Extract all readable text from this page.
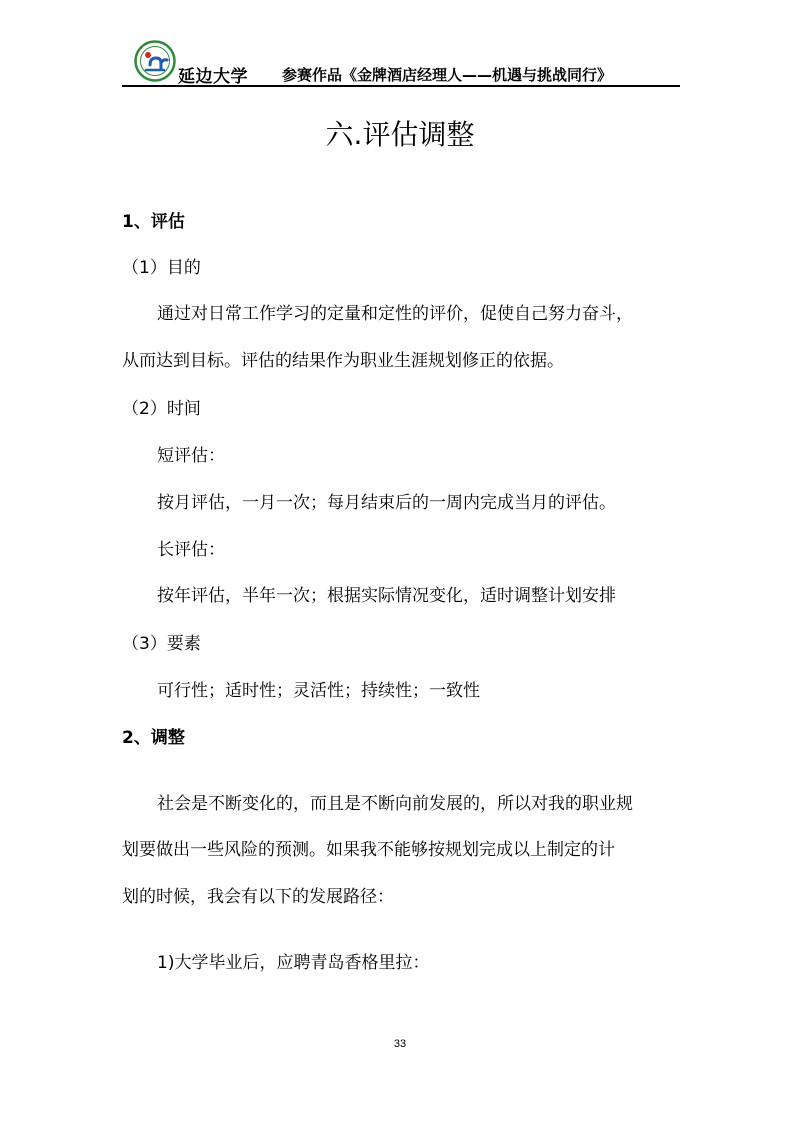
延边大学 参赛作品《金牌酒店经理人——机遇与挑战同行》
六.评估调整
1、评估
（1）目的
通过对日常工作学习的定量和定性的评价，促使自己努力奋斗，
从而达到目标。评估的结果作为职业生涯规划修正的依据。
（2）时间
短评估：
按月评估，一月一次；每月结束后的一周内完成当月的评估。
长评估：
按年评估，半年一次；根据实际情况变化，适时调整计划安排
（3）要素
可行性；适时性；灵活性；持续性；一致性
2、调整
社会是不断变化的，而且是不断向前发展的，所以对我的职业规
划要做出一些风险的预测。如果我不能够按规划完成以上制定的计
划的时候，我会有以下的发展路径：
1)大学毕业后，应聘青岛香格里拉：
33
